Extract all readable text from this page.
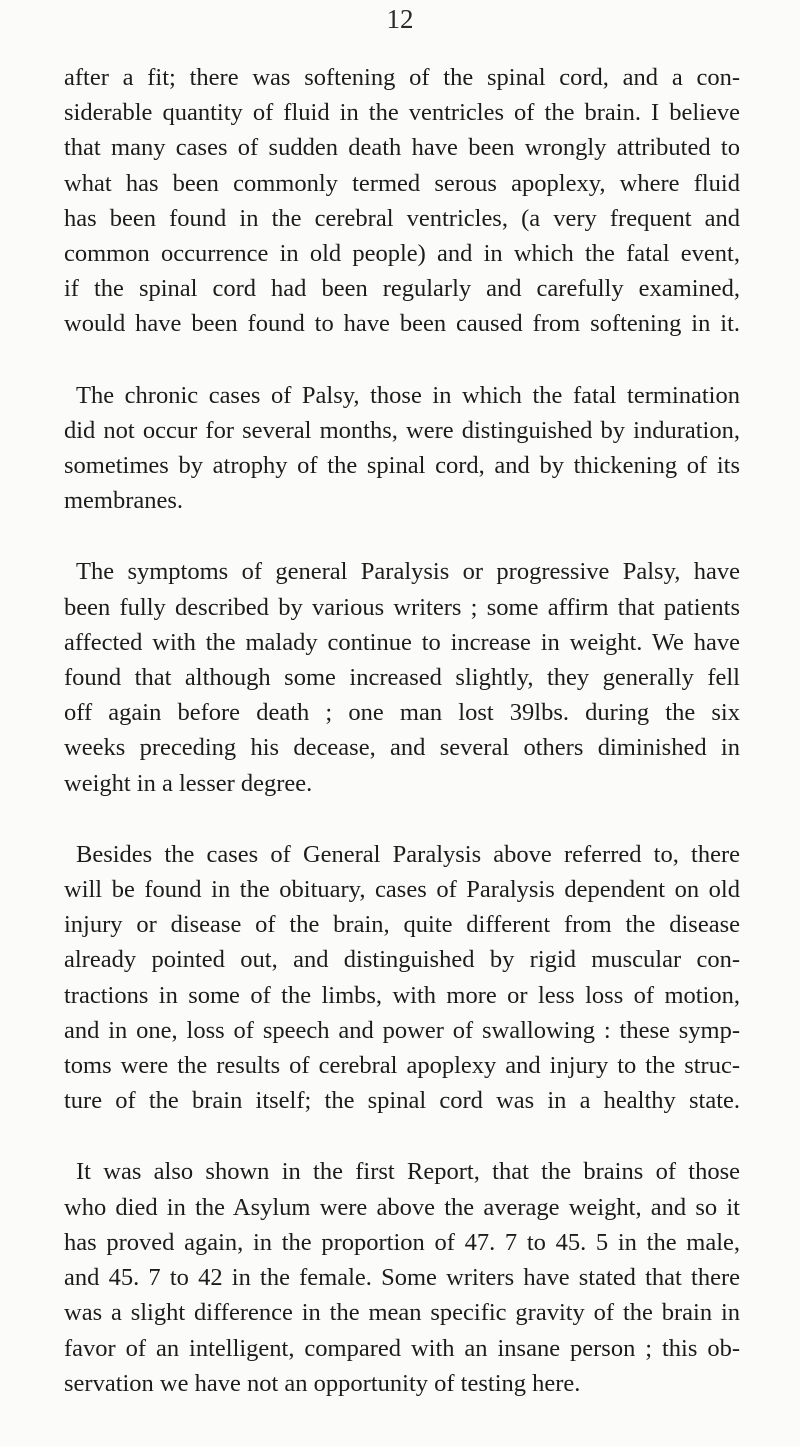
12

after a fit; there was softening of the spinal cord, and a con-
siderable quantity of fluid in the ventricles of the brain. I believe
that many cases of sudden death have been wrongly attributed to
what has been commonly termed serous apoplexy, where fluid
has been found in the cerebral ventricles, (a very frequent and
common occurrence in old people) and in which the fatal event,
if the spinal cord had been regularly and carefully examined,
would have been found to have been caused from softening in it.

The chronic cases of Palsy, those in which the fatal termination
did not occur for several months, were distinguished by induration,
sometimes by atrophy of the spinal cord, and by thickening of its
membranes.

The symptoms of general Paralysis or progressive Palsy, have
been fully described by various writers ; some affirm that patients
affected with the malady continue to increase in weight. We have
found that although some increased slightly, they generally fell
off again before death ; one man lost 39lbs. during the six
weeks preceding his decease, and several others diminished in
weight in a lesser degree.

Besides the cases of General Paralysis above referred to, there
will be found in the obituary, cases of Paralysis dependent on old
injury or disease of the brain, quite different from the disease
already pointed out, and distinguished by rigid muscular con-
tractions in some of the limbs, with more or less loss of motion,
and in one, loss of speech and power of swallowing : these symp-
toms were the results of cerebral apoplexy and injury to the struc-
ture of the brain itself; the spinal cord was in a healthy state.

It was also shown in the first Report, that the brains of those
who died in the Asylum were above the average weight, and so it
has proved again, in the proportion of 47. 7 to 45. 5 in the male,
and 45. 7 to 42 in the female. Some writers have stated that there
was a slight difference in the mean specific gravity of the brain in
favor of an intelligent, compared with an insane person ; this ob-
servation we have not an opportunity of testing here.
